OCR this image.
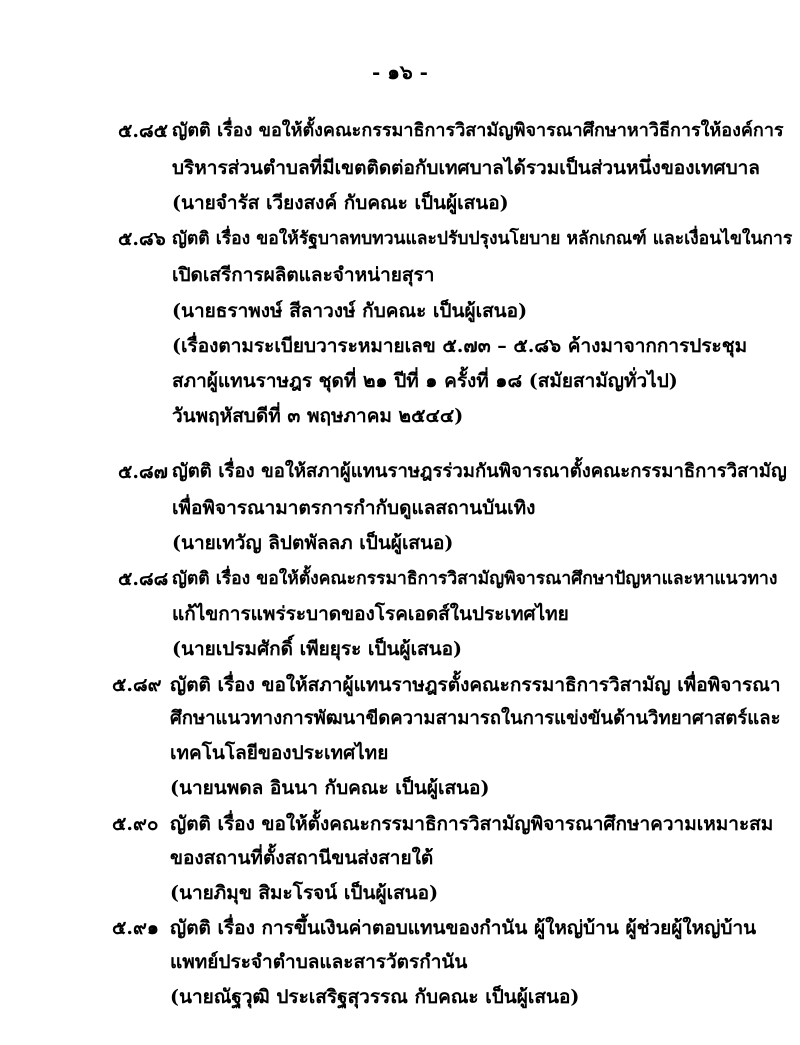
- ๑๖ -
๕.๘๕ ญัตติ เรื่อง ขอให้ตั้งคณะกรรมาธิการวิสามัญพิจารณาศึกษาหาวิธีการให้องค์การ
บริหารส่วนตำบลที่มีเขตติดต่อกับเทศบาลได้รวมเป็นส่วนหนึ่งของเทศบาล
(นายจำรัส เวียงสงค์ กับคณะ เป็นผู้เสนอ)
๕.๘๖ ญัตติ เรื่อง ขอให้รัฐบาลทบทวนและปรับปรุงนโยบาย หลักเกณฑ์ และเงื่อนไขในการ
เปิดเสรีการผลิตและจำหน่ายสุรา
(นายธราพงษ์ สีลาวงษ์ กับคณะ เป็นผู้เสนอ)
(เรื่องตามระเบียบวาระหมายเลข ๕.๗๓ – ๕.๘๖ ค้างมาจากการประชุม
สภาผู้แทนราษฎร ชุดที่ ๒๑ ปีที่ ๑ ครั้งที่ ๑๘ (สมัยสามัญทั่วไป)
วันพฤหัสบดีที่ ๓ พฤษภาคม ๒๕๔๔)
๕.๘๗ ญัตติ เรื่อง ขอให้สภาผู้แทนราษฎรร่วมกันพิจารณาตั้งคณะกรรมาธิการวิสามัญ
เพื่อพิจารณามาตรการกำกับดูแลสถานบันเทิง
(นายเทวัญ ลิปตพัลลภ เป็นผู้เสนอ)
๕.๘๘ ญัตติ เรื่อง ขอให้ตั้งคณะกรรมาธิการวิสามัญพิจารณาศึกษาปัญหาและหาแนวทาง
แก้ไขการแพร่ระบาดของโรคเอดส์ในประเทศไทย
(นายเปรมศักดิ์ เพียยุระ เป็นผู้เสนอ)
๕.๘๙ ญัตติ เรื่อง ขอให้สภาผู้แทนราษฎรตั้งคณะกรรมาธิการวิสามัญ เพื่อพิจารณา
ศึกษาแนวทางการพัฒนาขีดความสามารถในการแข่งขันด้านวิทยาศาสตร์และ
เทคโนโลยีของประเทศไทย
(นายนพดล อินนา กับคณะ เป็นผู้เสนอ)
๕.๙๐ ญัตติ เรื่อง ขอให้ตั้งคณะกรรมาธิการวิสามัญพิจารณาศึกษาความเหมาะสม
ของสถานที่ตั้งสถานีขนส่งสายใต้
(นายภิมุข สิมะโรจน์ เป็นผู้เสนอ)
๕.๙๑ ญัตติ เรื่อง การขึ้นเงินค่าตอบแทนของกำนัน ผู้ใหญ่บ้าน ผู้ช่วยผู้ใหญ่บ้าน
แพทย์ประจำตำบลและสารวัตรกำนัน
(นายณัฐวุฒิ ประเสริฐสุวรรณ กับคณะ เป็นผู้เสนอ)
